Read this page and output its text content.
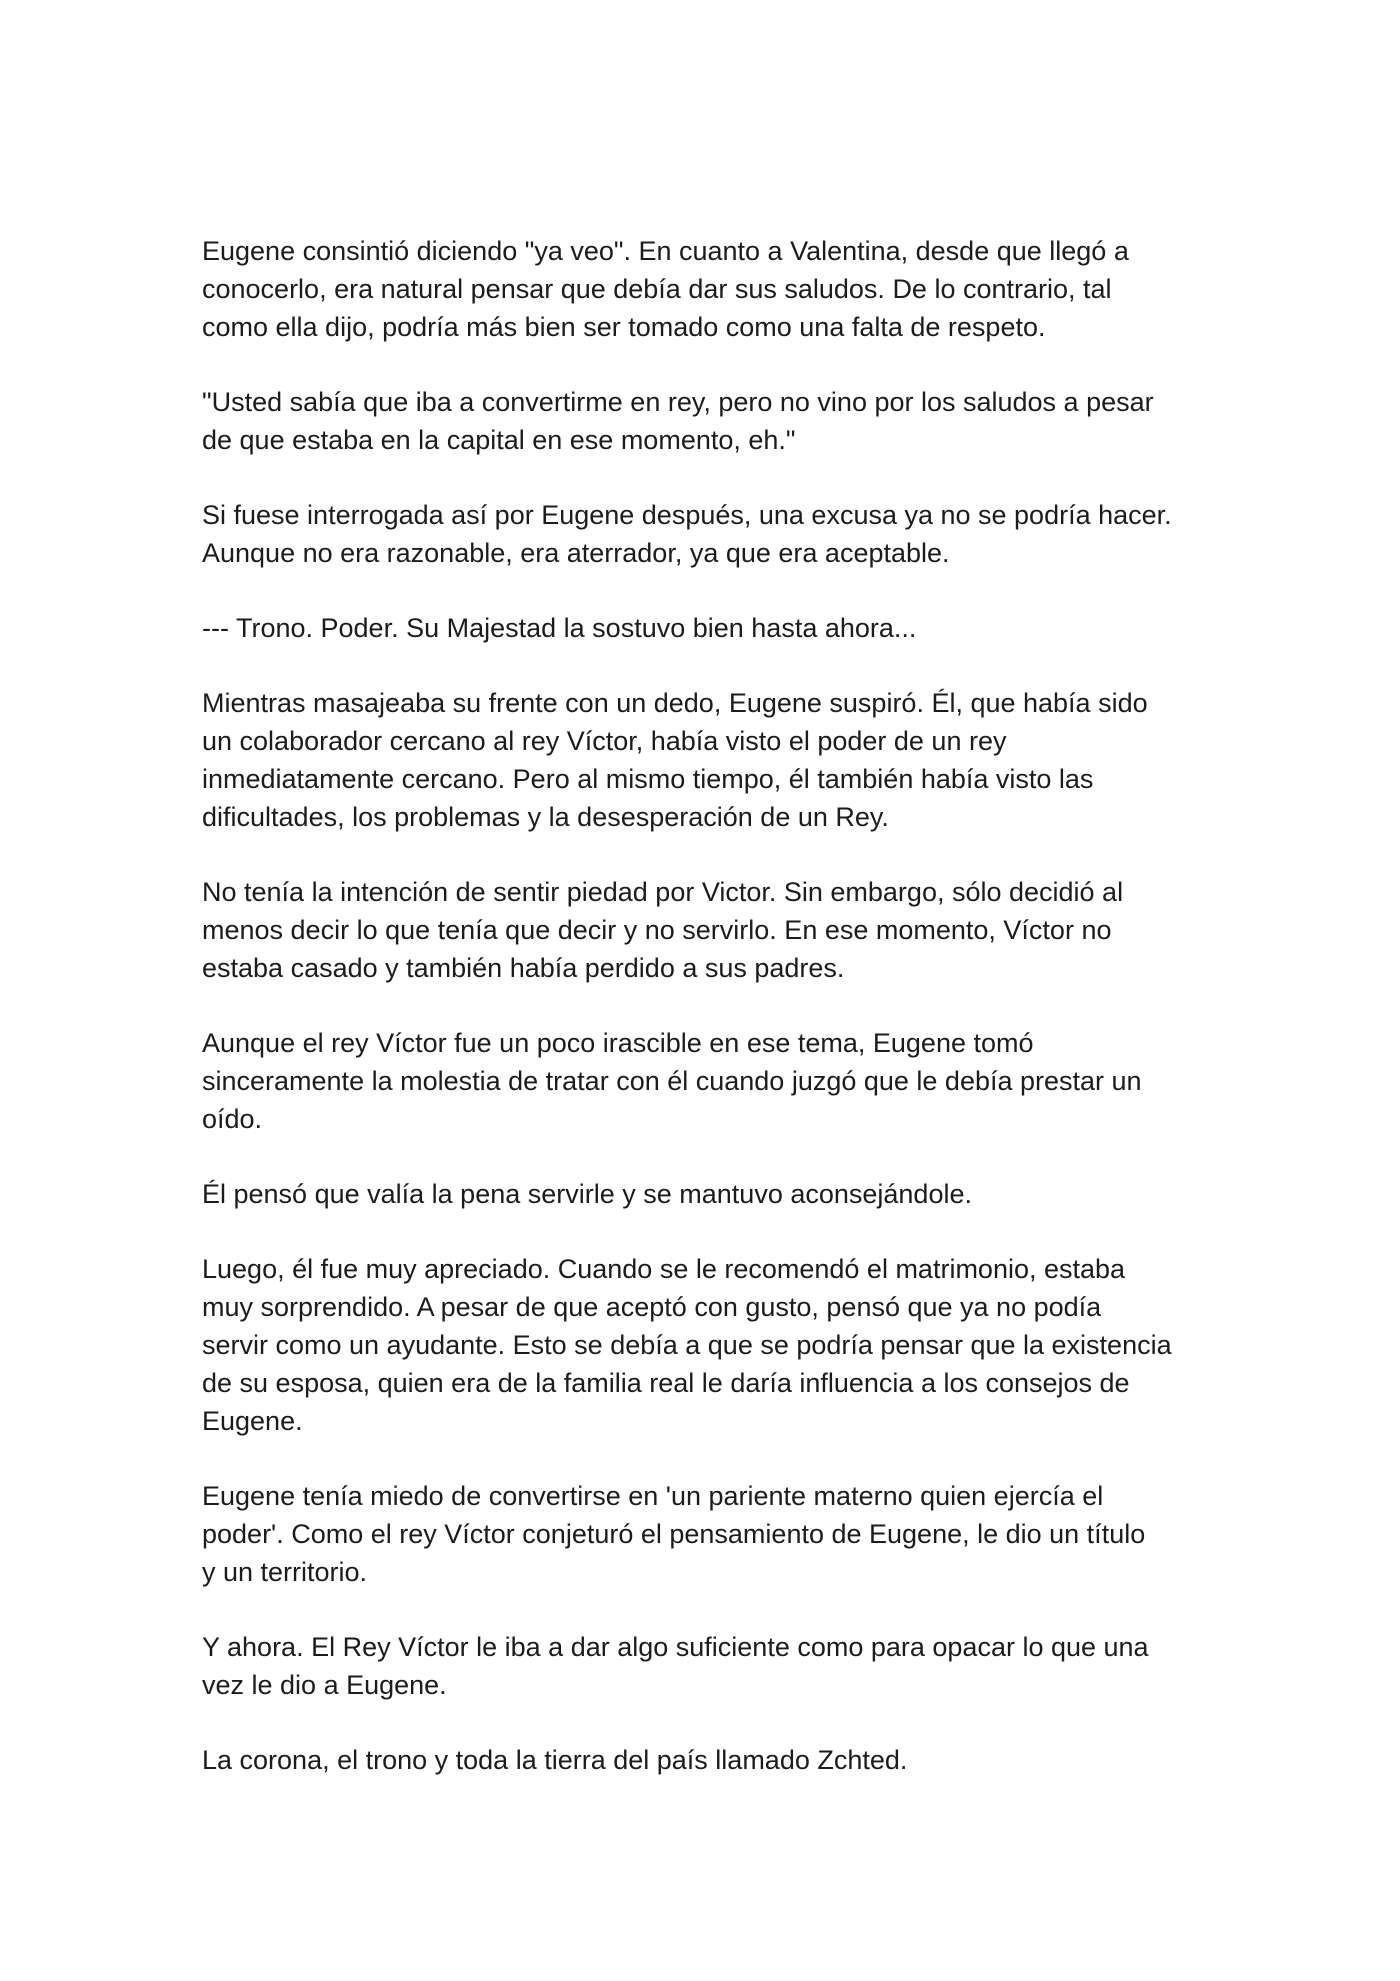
Eugene consintió diciendo "ya veo". En cuanto a Valentina, desde que llegó a
conocerlo, era natural pensar que debía dar sus saludos. De lo contrario, tal
como ella dijo, podría más bien ser tomado como una falta de respeto.

"Usted sabía que iba a convertirme en rey, pero no vino por los saludos a pesar
de que estaba en la capital en ese momento, eh."

Si fuese interrogada así por Eugene después, una excusa ya no se podría hacer.
Aunque no era razonable, era aterrador, ya que era aceptable.

--- Trono. Poder. Su Majestad la sostuvo bien hasta ahora...

Mientras masajeaba su frente con un dedo, Eugene suspiró. Él, que había sido
un colaborador cercano al rey Víctor, había visto el poder de un rey
inmediatamente cercano. Pero al mismo tiempo, él también había visto las
dificultades, los problemas y la desesperación de un Rey.

No tenía la intención de sentir piedad por Victor. Sin embargo, sólo decidió al
menos decir lo que tenía que decir y no servirlo. En ese momento, Víctor no
estaba casado y también había perdido a sus padres.

Aunque el rey Víctor fue un poco irascible en ese tema, Eugene tomó
sinceramente la molestia de tratar con él cuando juzgó que le debía prestar un
oído.

Él pensó que valía la pena servirle y se mantuvo aconsejándole.

Luego, él fue muy apreciado. Cuando se le recomendó el matrimonio, estaba
muy sorprendido. A pesar de que aceptó con gusto, pensó que ya no podía
servir como un ayudante. Esto se debía a que se podría pensar que la existencia
de su esposa, quien era de la familia real le daría influencia a los consejos de
Eugene.

Eugene tenía miedo de convertirse en 'un pariente materno quien ejercía el
poder'. Como el rey Víctor conjeturó el pensamiento de Eugene, le dio un título
y un territorio.

Y ahora. El Rey Víctor le iba a dar algo suficiente como para opacar lo que una
vez le dio a Eugene.

La corona, el trono y toda la tierra del país llamado Zchted.
